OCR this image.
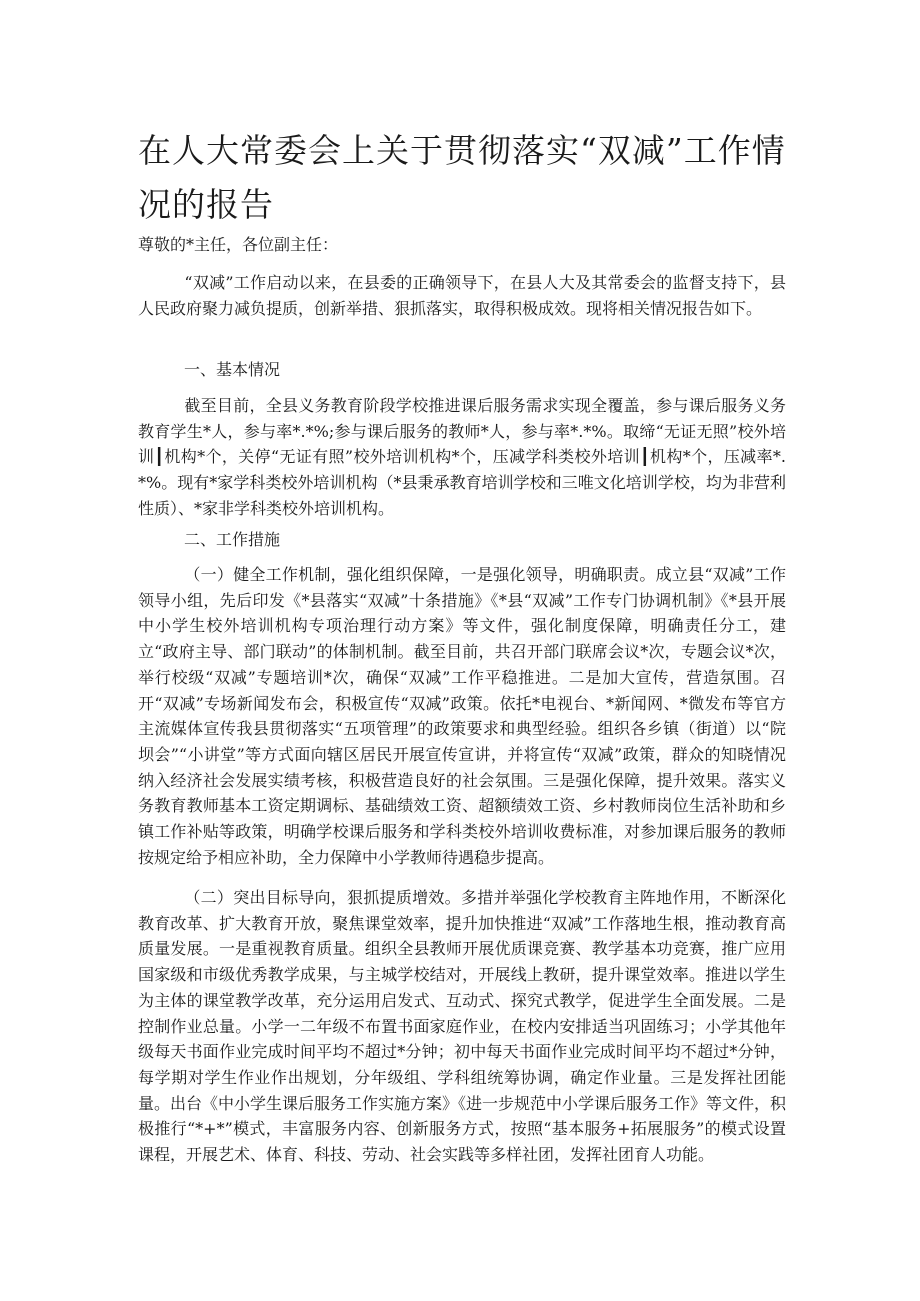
在人大常委会上关于贯彻落实“双减”工作情况的报告

尊敬的*主任，各位副主任：

“双减”工作启动以来，在县委的正确领导下，在县人大及其常委会的监督支持下，县人民政府聚力减负提质，创新举措、狠抓落实，取得积极成效。现将相关情况报告如下。

一、基本情况

截至目前，全县义务教育阶段学校推进课后服务需求实现全覆盖，参与课后服务义务教育学生*人，参与率*.*%;参与课后服务的教师*人，参与率*.*%。取缔“无证无照”校外培训┃机构*个，关停“无证有照”校外培训机构*个，压减学科类校外培训┃机构*个，压减率*.*%。现有*家学科类校外培训机构（*县秉承教育培训学校和三唯文化培训学校，均为非营利性质）、*家非学科类校外培训机构。

二、工作措施

（一）健全工作机制，强化组织保障，一是强化领导，明确职责。成立县“双减”工作领导小组，先后印发《*县落实“双减”十条措施》《*县“双减”工作专门协调机制》《*县开展中小学生校外培训机构专项治理行动方案》等文件，强化制度保障，明确责任分工，建立“政府主导、部门联动”的体制机制。截至目前，共召开部门联席会议*次，专题会议*次，举行校级“双减”专题培训*次，确保“双减”工作平稳推进。二是加大宣传，营造氛围。召开“双减”专场新闻发布会，积极宣传“双减”政策。依托*电视台、*新闻网、*微发布等官方主流媒体宣传我县贯彻落实“五项管理”的政策要求和典型经验。组织各乡镇（街道）以“院坝会”“小讲堂”等方式面向辖区居民开展宣传宣讲，并将宣传“双减”政策，群众的知晓情况纳入经济社会发展实绩考核，积极营造良好的社会氛围。三是强化保障，提升效果。落实义务教育教师基本工资定期调标、基础绩效工资、超额绩效工资、乡村教师岗位生活补助和乡镇工作补贴等政策，明确学校课后服务和学科类校外培训收费标准，对参加课后服务的教师按规定给予相应补助，全力保障中小学教师待遇稳步提高。

（二）突出目标导向，狠抓提质增效。多措并举强化学校教育主阵地作用，不断深化教育改革、扩大教育开放，聚焦课堂效率，提升加快推进“双减”工作落地生根，推动教育高质量发展。一是重视教育质量。组织全县教师开展优质课竞赛、教学基本功竞赛，推广应用国家级和市级优秀教学成果，与主城学校结对，开展线上教研，提升课堂效率。推进以学生为主体的课堂教学改革，充分运用启发式、互动式、探究式教学，促进学生全面发展。二是控制作业总量。小学一二年级不布置书面家庭作业，在校内安排适当巩固练习；小学其他年级每天书面作业完成时间平均不超过*分钟；初中每天书面作业完成时间平均不超过*分钟，每学期对学生作业作出规划，分年级组、学科组统筹协调，确定作业量。三是发挥社团能量。出台《中小学生课后服务工作实施方案》《进一步规范中小学课后服务工作》等文件，积极推行“*+*”模式，丰富服务内容、创新服务方式，按照“基本服务+拓展服务”的模式设置课程，开展艺术、体育、科技、劳动、社会实践等多样社团，发挥社团育人功能。
